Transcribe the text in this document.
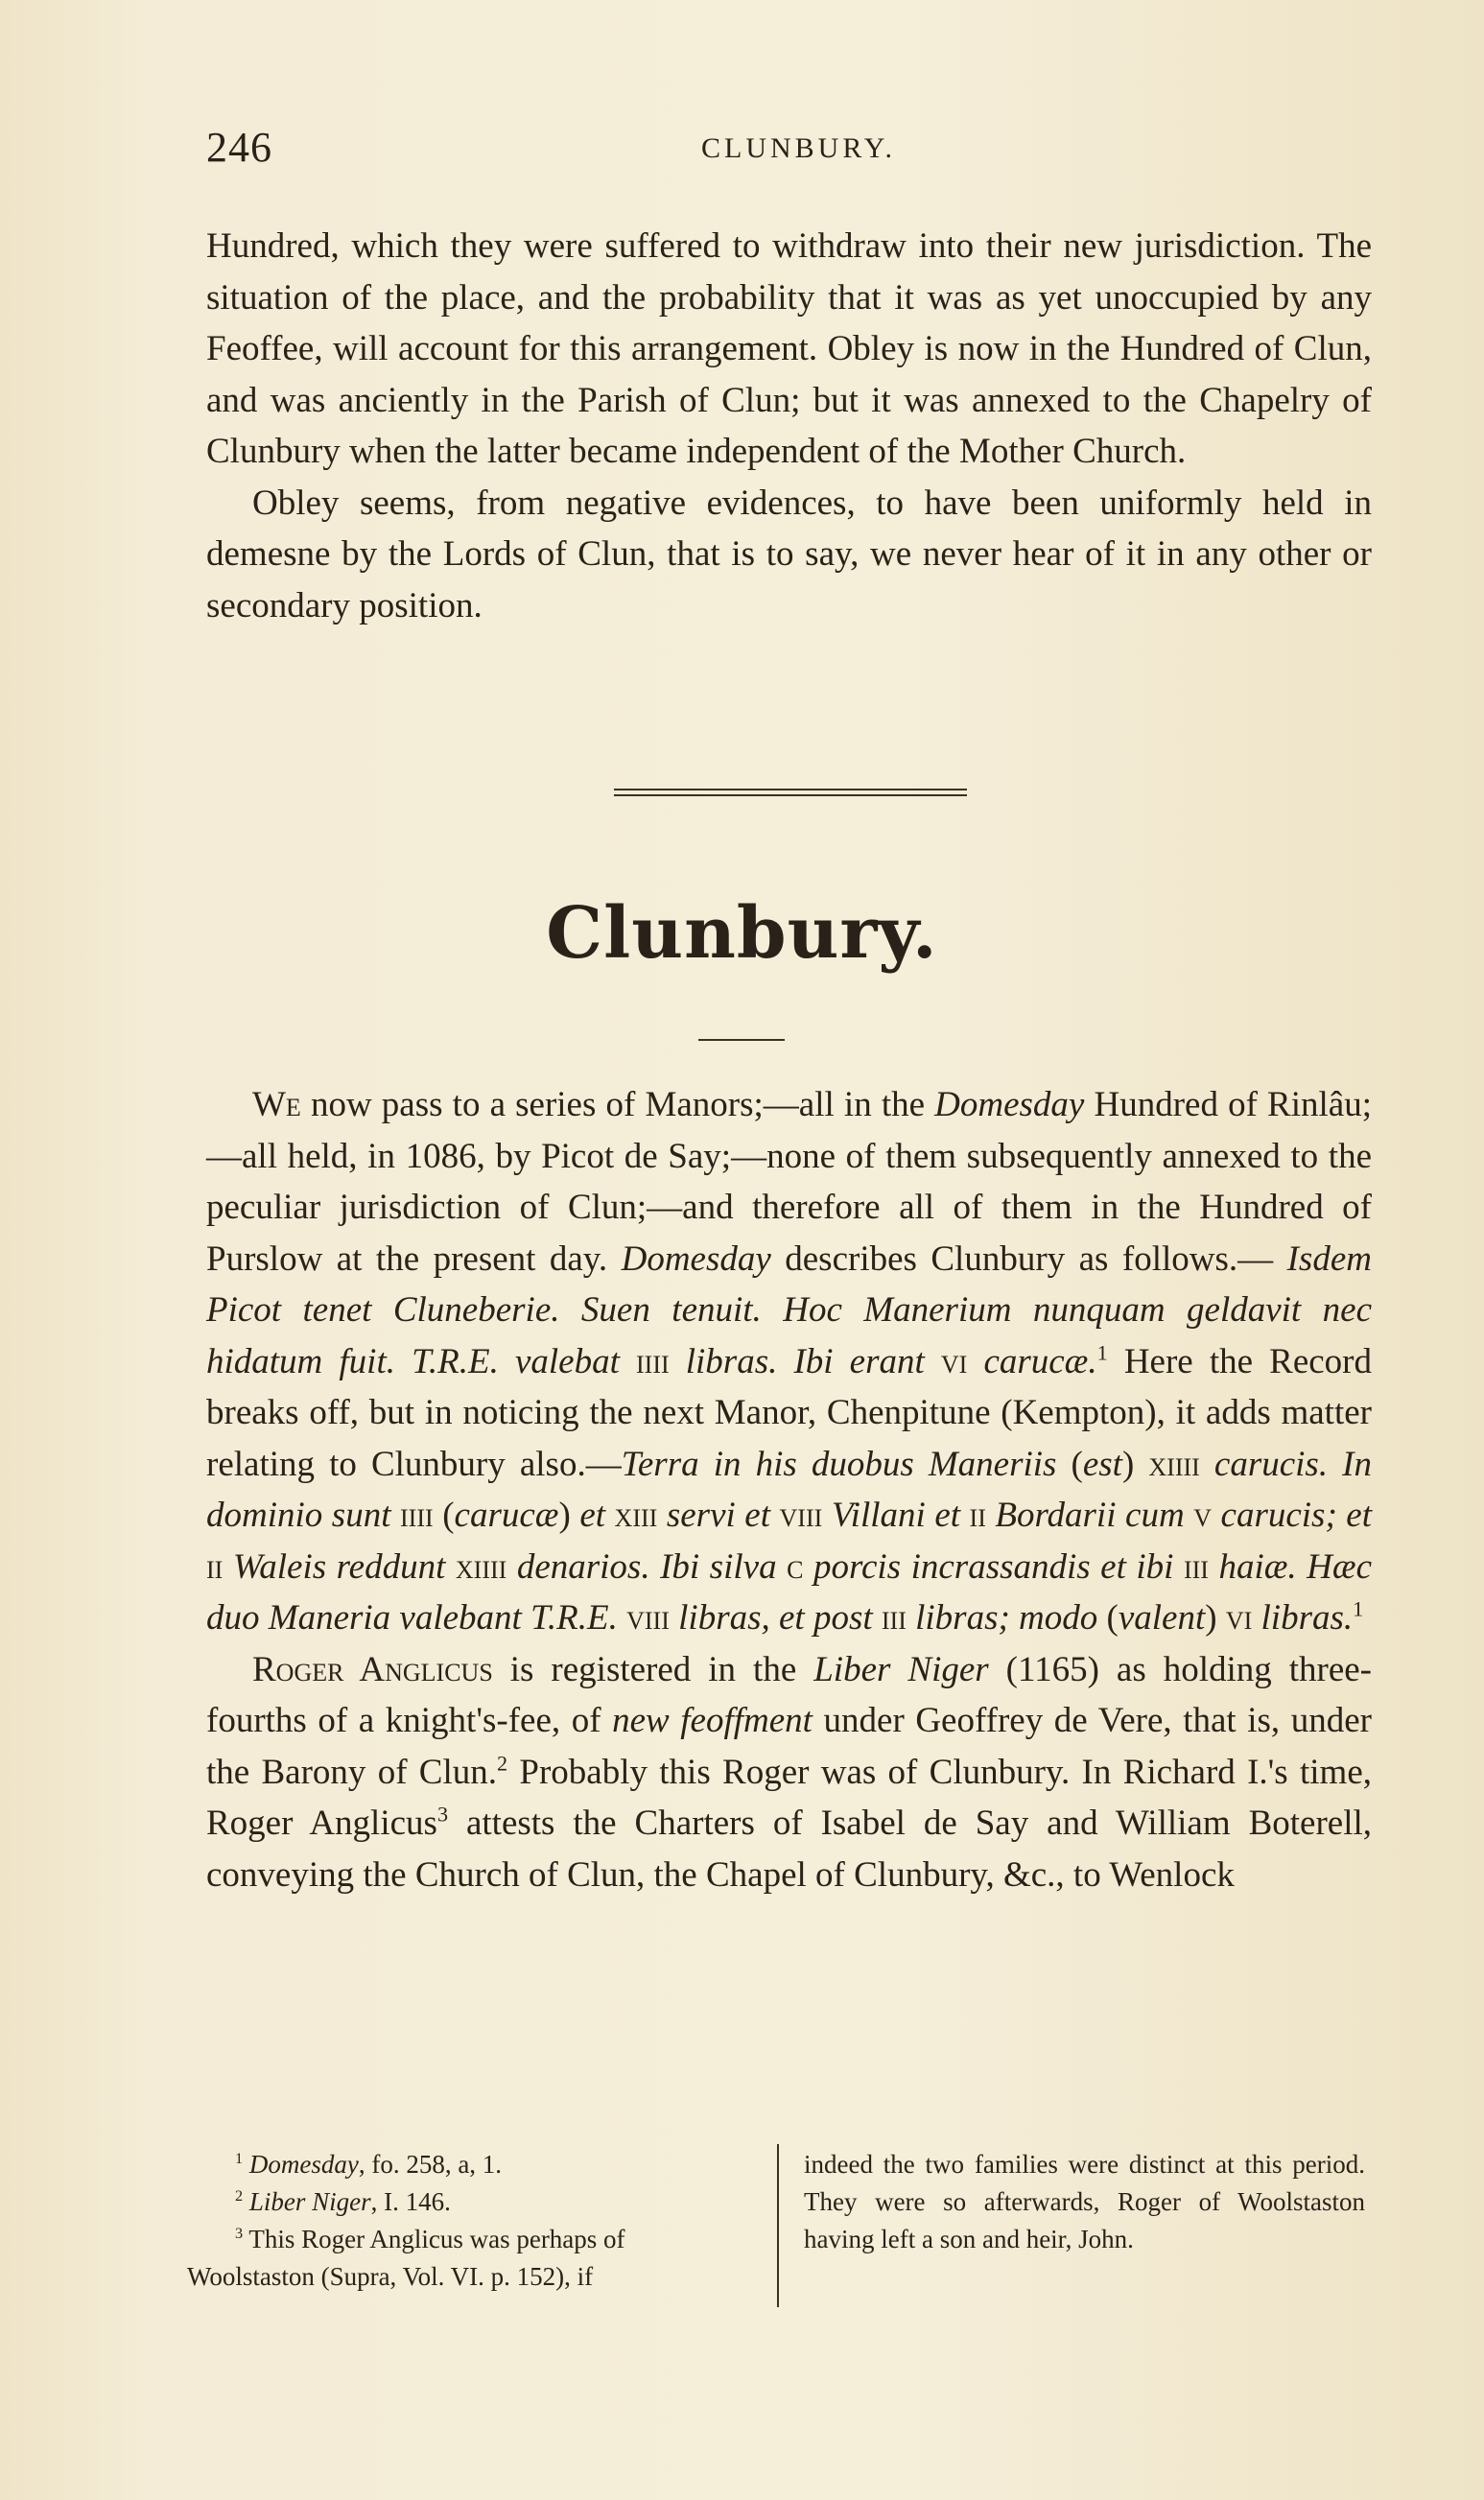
246	CLUNBURY.

Hundred, which they were suffered to withdraw into their new jurisdiction. The situation of the place, and the probability that it was as yet unoccupied by any Feoffee, will account for this arrangement. Obley is now in the Hundred of Clun, and was anciently in the Parish of Clun; but it was annexed to the Chapelry of Clunbury when the latter became independent of the Mother Church.

Obley seems, from negative evidences, to have been uniformly held in demesne by the Lords of Clun, that is to say, we never hear of it in any other or secondary position.

Clunbury.

We now pass to a series of Manors;—all in the Domesday Hundred of Rinlâu; —all held, in 1086, by Picot de Say;—none of them subsequently annexed to the peculiar jurisdiction of Clun;—and therefore all of them in the Hundred of Purslow at the present day. Domesday describes Clunbury as follows.— Isdem Picot tenet Cluneberie. Suen tenuit. Hoc Manerium nunquam geldavit nec hidatum fuit. T.R.E. valebat iiii libras. Ibi erant vi carucæ.$^1$ Here the Record breaks off, but in noticing the next Manor, Chenpitune (Kempton), it adds matter relating to Clunbury also.—Terra in his duobus Maneriis (est) xiiii carucis. In dominio sunt iiii (carucæ) et xiii servi et viii Villani et ii Bordarii cum v carucis; et ii Waleis reddunt xiiii denarios. Ibi silva c porcis incrassandis et ibi iii haiæ. Hæc duo Maneria valebant T.R.E. viii libras, et post iii libras; modo (valent) vi libras.$^1$

Roger Anglicus is registered in the Liber Niger (1165) as holding three-fourths of a knight's-fee, of new feoffment under Geoffrey de Vere, that is, under the Barony of Clun.$^2$ Probably this Roger was of Clunbury. In Richard I.'s time, Roger Anglicus$^3$ attests the Charters of Isabel de Say and William Boterell, conveying the Church of Clun, the Chapel of Clunbury, &c., to Wenlock

$^1$ Domesday, fo. 258, a, 1.

$^2$ Liber Niger, I. 146.

$^3$ This Roger Anglicus was perhaps of Woolstaston (Supra, Vol. VI. p. 152), if

indeed the two families were distinct at this period. They were so afterwards, Roger of Woolstaston having left a son and heir, John.
